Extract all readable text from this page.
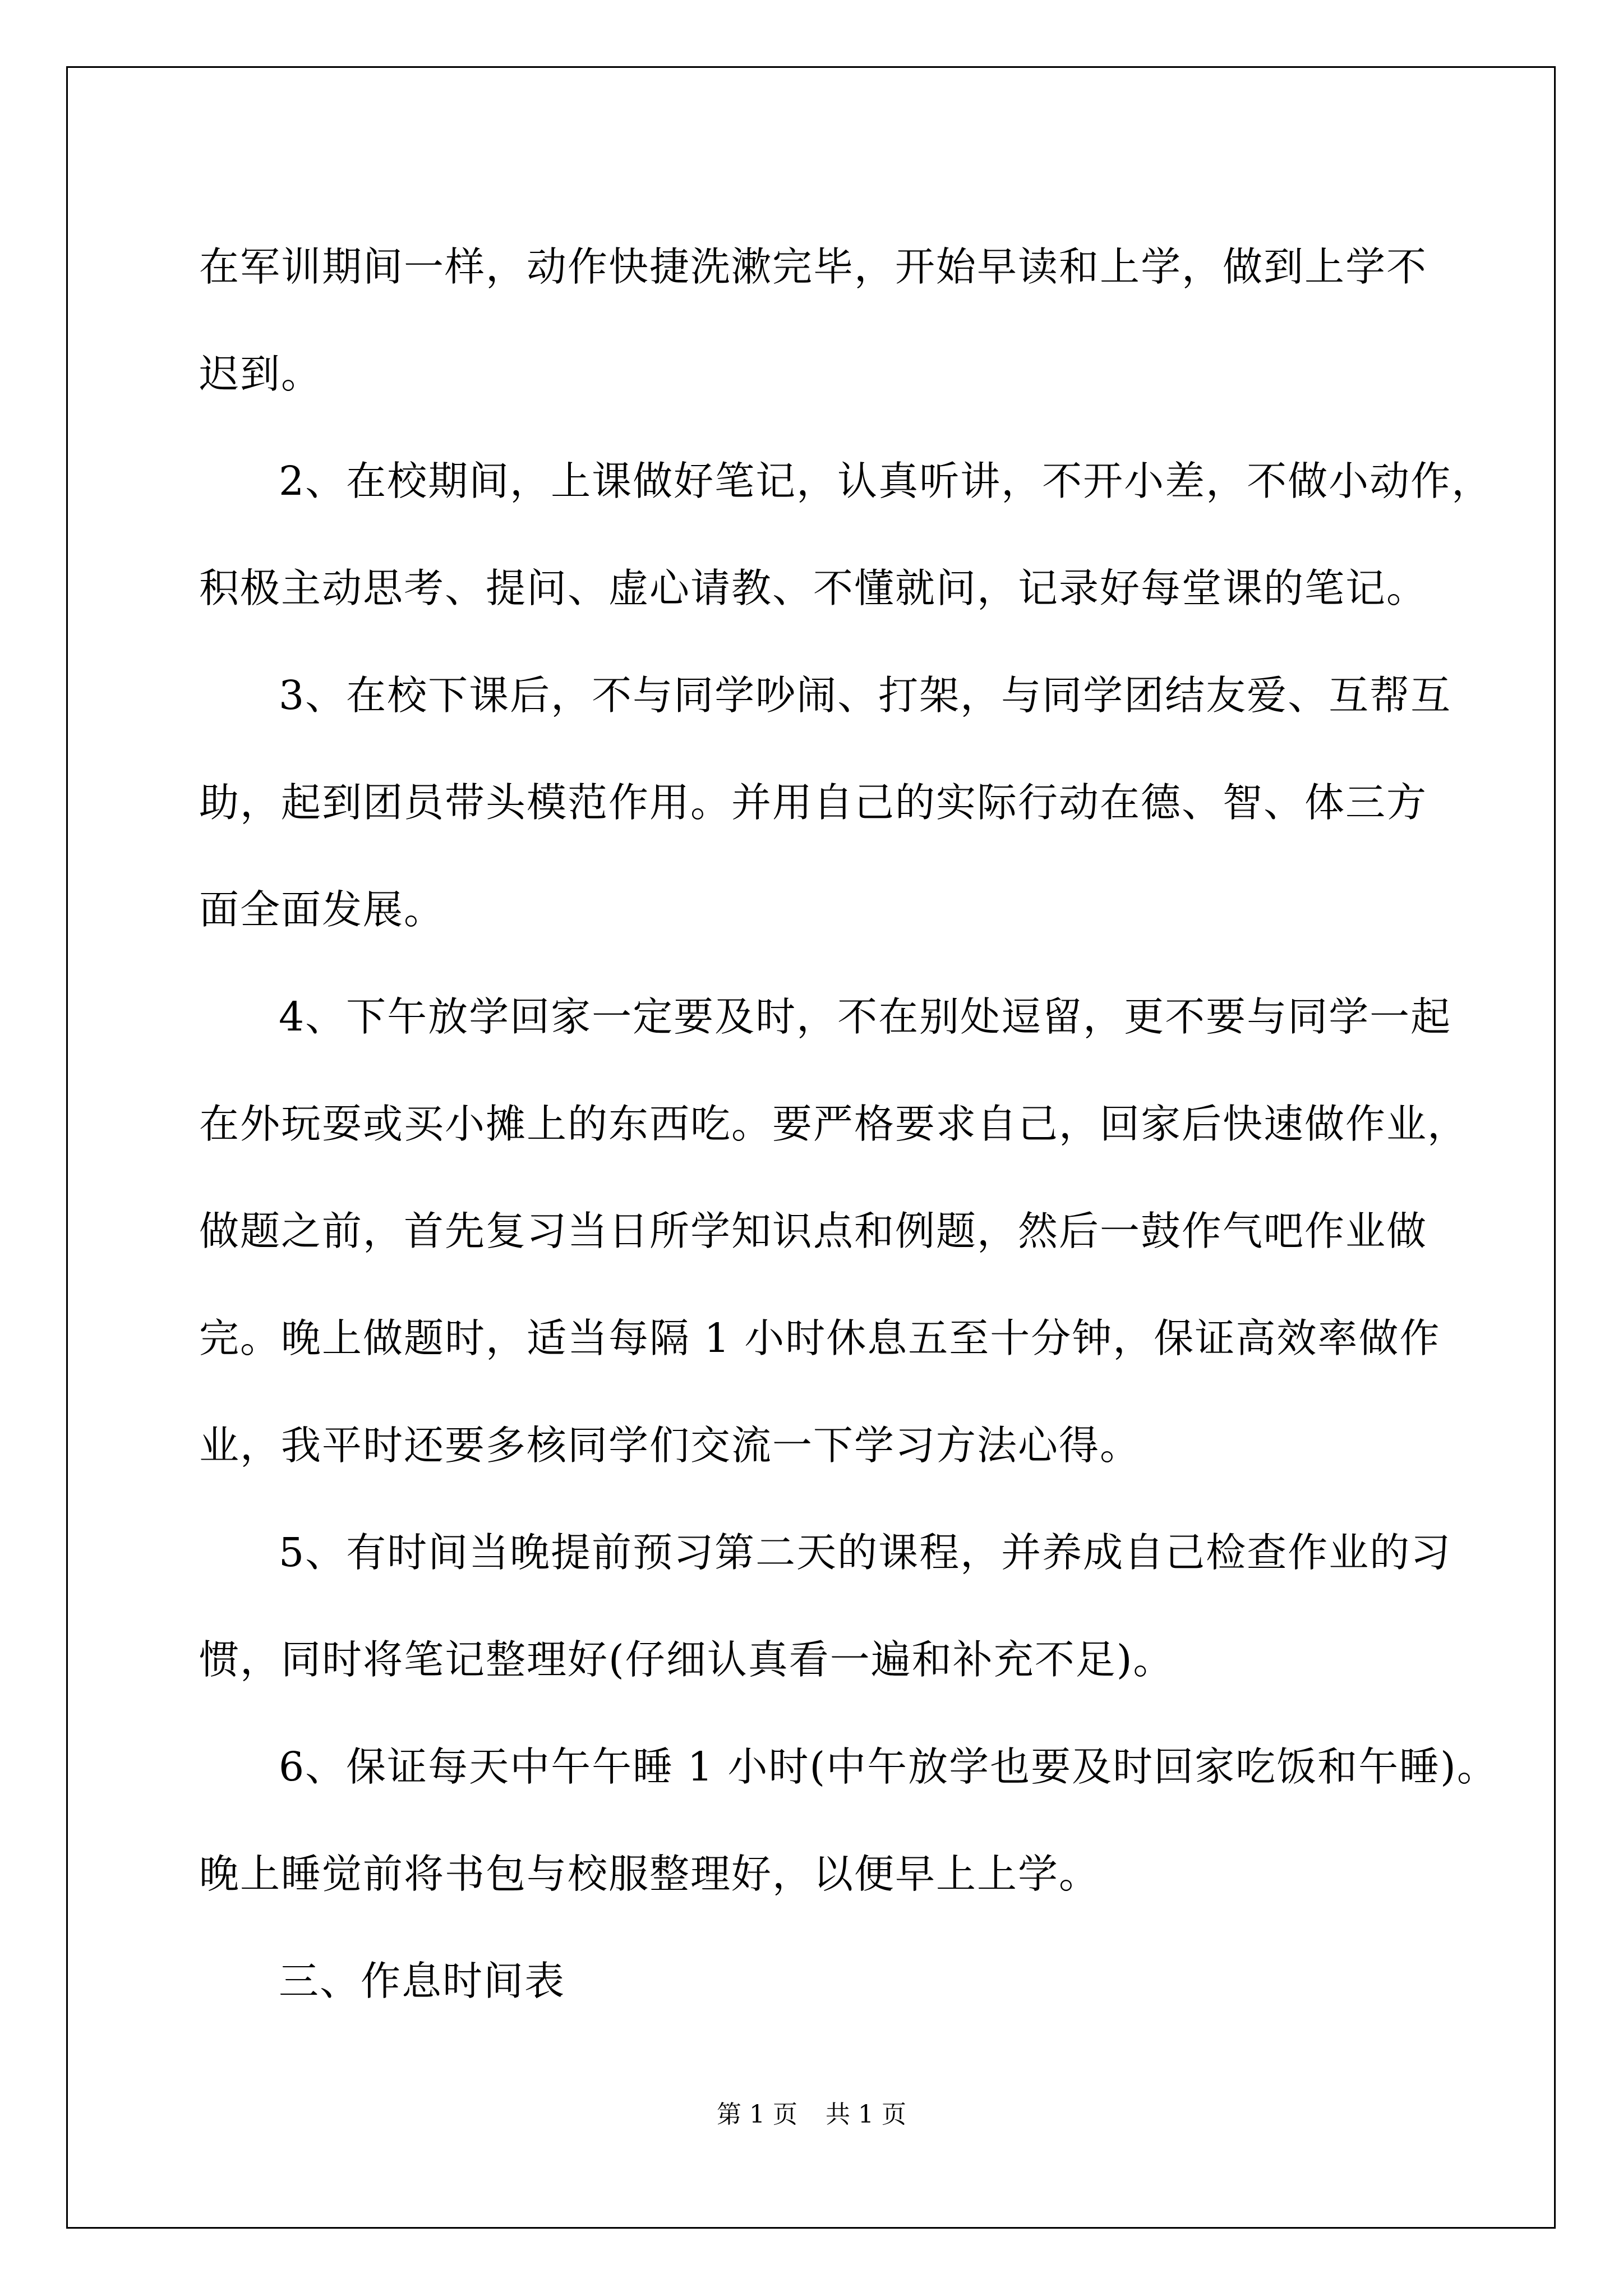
在军训期间一样，动作快捷洗漱完毕，开始早读和上学，做到上学不
迟到。
2、在校期间，上课做好笔记，认真听讲，不开小差，不做小动作，
积极主动思考、提问、虚心请教、不懂就问，记录好每堂课的笔记。
3、在校下课后，不与同学吵闹、打架，与同学团结友爱、互帮互
助，起到团员带头模范作用。并用自己的实际行动在德、智、体三方
面全面发展。
4、下午放学回家一定要及时，不在别处逗留，更不要与同学一起
在外玩耍或买小摊上的东西吃。要严格要求自己，回家后快速做作业，
做题之前，首先复习当日所学知识点和例题，然后一鼓作气吧作业做
完。晚上做题时，适当每隔 1 小时休息五至十分钟，保证高效率做作
业，我平时还要多核同学们交流一下学习方法心得。
5、有时间当晚提前预习第二天的课程，并养成自己检查作业的习
惯，同时将笔记整理好(仔细认真看一遍和补充不足)。
6、保证每天中午午睡 1 小时(中午放学也要及时回家吃饭和午睡)。
晚上睡觉前将书包与校服整理好，以便早上上学。
三、作息时间表
第 1 页 共 1 页
